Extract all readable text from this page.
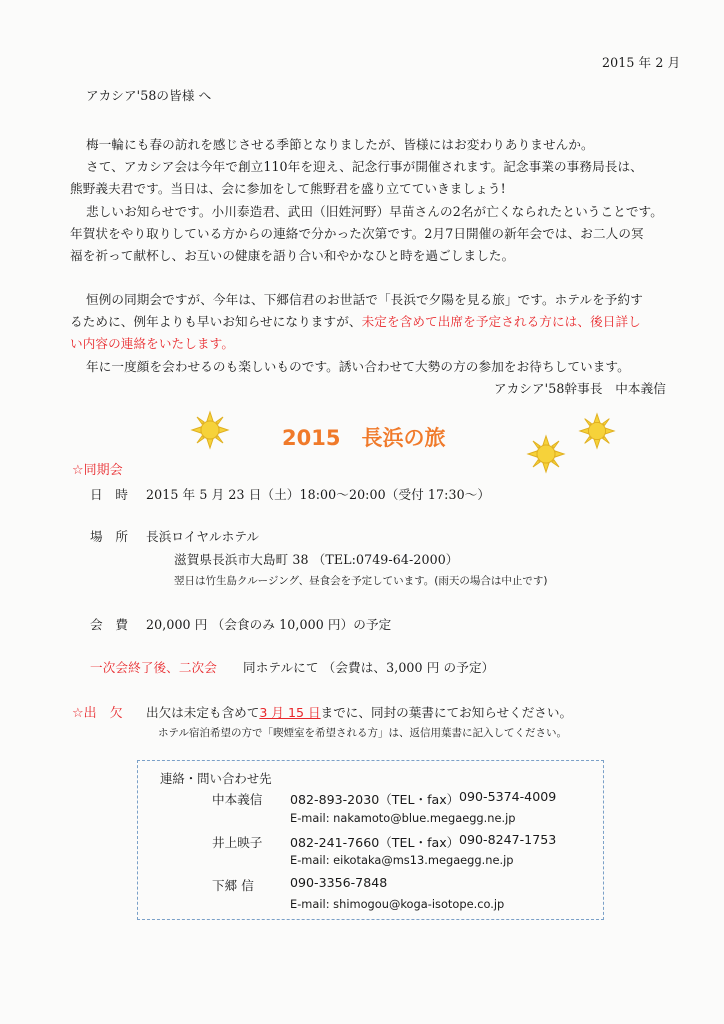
2015 年 2 月
アカシア'58の皆様 へ
梅一輪にも春の訪れを感じさせる季節となりましたが、皆様にはお変わりありませんか。
さて、アカシア会は今年で創立110年を迎え、記念行事が開催されます。記念事業の事務局長は、
熊野義夫君です。当日は、会に参加をして熊野君を盛り立てていきましょう!
悲しいお知らせです。小川泰造君、武田（旧姓河野）早苗さんの2名が亡くなられたということです。
年賀状をやり取りしている方からの連絡で分かった次第です。2月7日開催の新年会では、お二人の冥
福を祈って献杯し、お互いの健康を語り合い和やかなひと時を過ごしました。
恒例の同期会ですが、今年は、下郷信君のお世話で「長浜で夕陽を見る旅」です。ホテルを予約す
るために、例年よりも早いお知らせになりますが、未定を含めて出席を予定される方には、後日詳し
い内容の連絡をいたします。
年に一度顔を会わせるのも楽しいものです。誘い合わせて大勢の方の参加をお待ちしています。
アカシア'58幹事長　中本義信
2015　長浜の旅
☆同期会
日　時 2015 年 5 月 23 日（土）18:00～20:00（受付 17:30～）
場　所 長浜ロイヤルホテル
滋賀県長浜市大島町 38 （TEL:0749-64-2000）
翌日は竹生島クルージング、昼食会を予定しています。(雨天の場合は中止です)
会　費 20,000 円 （会食のみ 10,000 円）の予定
一次会終了後、二次会 同ホテルにて （会費は、3,000 円 の予定）
☆出　欠 出欠は未定も含めて3 月 15 日までに、同封の葉書にてお知らせください。
ホテル宿泊希望の方で「喫煙室を希望される方」は、返信用葉書に記入してください。
連絡・問い合わせ先
中本義信 082-893-2030（TEL・fax） 090-5374-4009
E-mail: nakamoto@blue.megaegg.ne.jp
井上映子 082-241-7660（TEL・fax） 090-8247-1753
E-mail: eikotaka@ms13.megaegg.ne.jp
下郷 信	090-3356-7848
E-mail: shimogou@koga-isotope.co.jp
